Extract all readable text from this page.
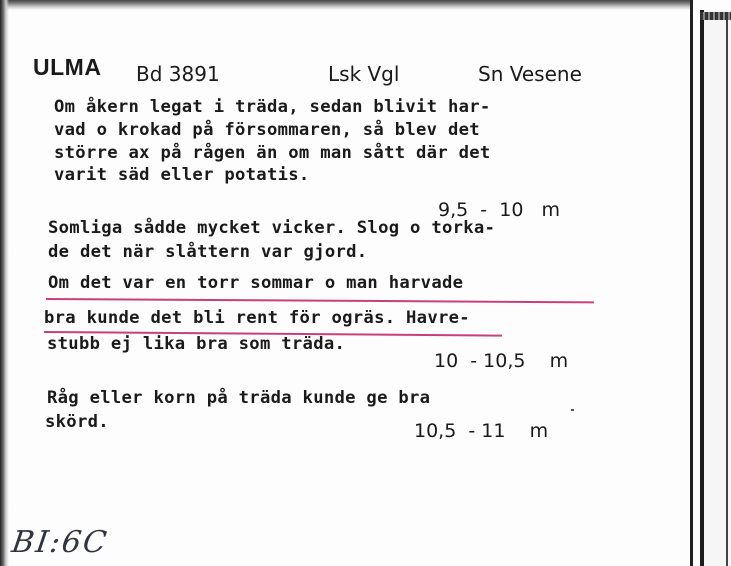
ULMA Bd 3891	Lsk Vgl	Sn Vesene
Om åkern legat i träda, sedan blivit har-
vad o krokad på försommaren, så blev det
större ax på rågen än om man sått där det
varit säd eller potatis.
9,5  -  10   m
Somliga sådde mycket vicker. Slog o torka-
de det när slåttern var gjord.
Om det var en torr sommar o man harvade
bra kunde det bli rent för ogräs. Havre-
stubb ej lika bra som träda.
10  - 10,5    m
Råg eller korn på träda kunde ge bra
skörd.	10,5  - 11    m
BI:6C
